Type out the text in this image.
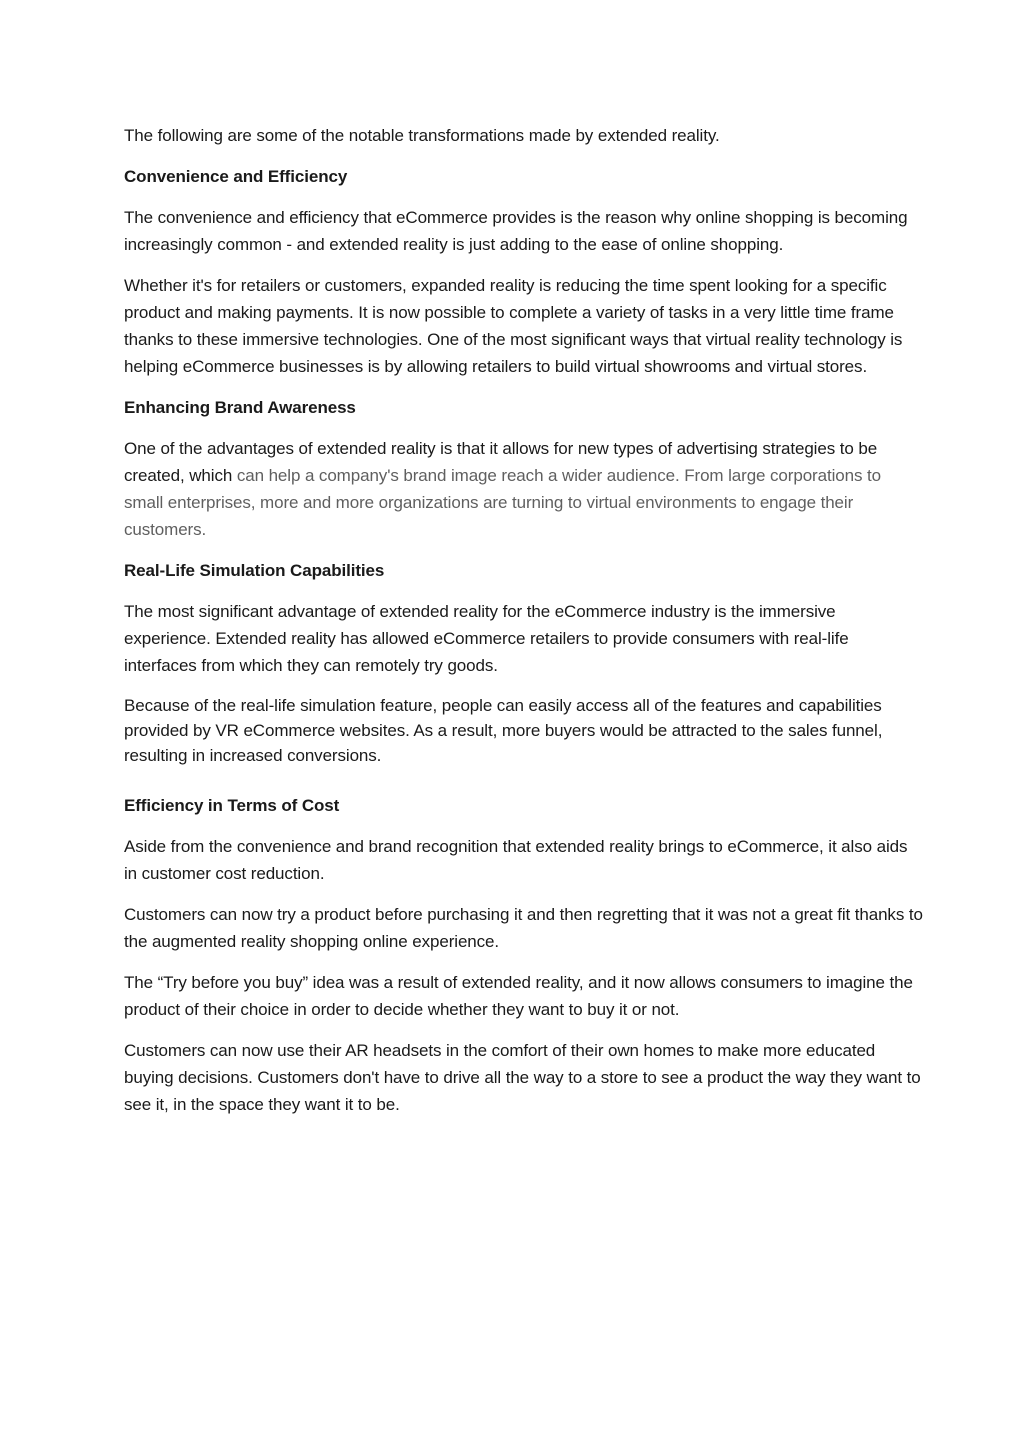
The following are some of the notable transformations made by extended reality.

Convenience and Efficiency

The convenience and efficiency that eCommerce provides is the reason why online shopping is becoming increasingly common - and extended reality is just adding to the ease of online shopping.

Whether it's for retailers or customers, expanded reality is reducing the time spent looking for a specific product and making payments. It is now possible to complete a variety of tasks in a very little time frame thanks to these immersive technologies. One of the most significant ways that virtual reality technology is helping eCommerce businesses is by allowing retailers to build virtual showrooms and virtual stores.

Enhancing Brand Awareness

One of the advantages of extended reality is that it allows for new types of advertising strategies to be created, which can help a company's brand image reach a wider audience. From large corporations to small enterprises, more and more organizations are turning to virtual environments to engage their customers.

Real-Life Simulation Capabilities

The most significant advantage of extended reality for the eCommerce industry is the immersive experience. Extended reality has allowed eCommerce retailers to provide consumers with real-life interfaces from which they can remotely try goods.

Because of the real-life simulation feature, people can easily access all of the features and capabilities provided by VR eCommerce websites. As a result, more buyers would be attracted to the sales funnel, resulting in increased conversions.

Efficiency in Terms of Cost

Aside from the convenience and brand recognition that extended reality brings to eCommerce, it also aids in customer cost reduction.

Customers can now try a product before purchasing it and then regretting that it was not a great fit thanks to the augmented reality shopping online experience.

The “Try before you buy” idea was a result of extended reality, and it now allows consumers to imagine the product of their choice in order to decide whether they want to buy it or not.

Customers can now use their AR headsets in the comfort of their own homes to make more educated buying decisions. Customers don't have to drive all the way to a store to see a product the way they want to see it, in the space they want it to be.
